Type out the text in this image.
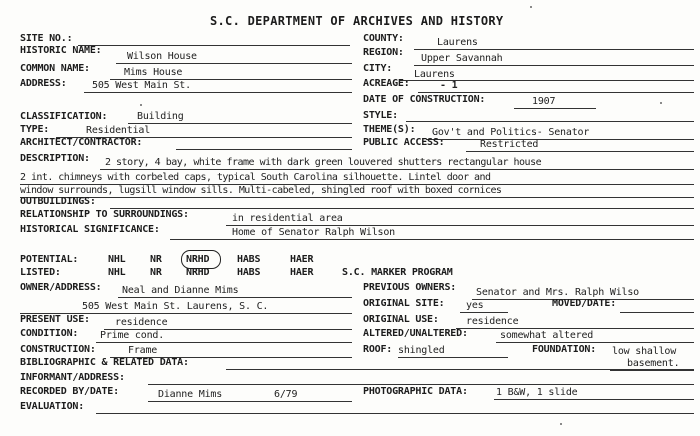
S.C. DEPARTMENT OF ARCHIVES AND HISTORY
SITE NO.:
HISTORIC NAME:
Wilson House
COMMON NAME:	Mims House
ADDRESS:	505 West Main St.
CLASSIFICATION:	Building
TYPE:	Residential
ARCHITECT/CONTRACTOR:
COUNTY:	Laurens
REGION:
Upper Savannah
CITY:
Laurens
ACREAGE:	- 1
DATE OF CONSTRUCTION:	1907
STYLE:
THEME(S): Gov't and Politics- Senator
PUBLIC ACCESS:	Restricted
DESCRIPTION: 2 story, 4 bay, white frame with dark green louvered shutters rectangular house
2 int. chimneys with corbeled caps, typical South Carolina silhouette. Lintel door and
window surrounds, lugsill window sills. Multi-cabeled, shingled roof with boxed cornices
OUTBUILDINGS:
RELATIONSHIP TO SURROUNDINGS:	in residential area
HISTORICAL SIGNIFICANCE:	Home of Senator Ralph Wilson
POTENTIAL:	NHL NR NRHD	HABS	HAER
LISTED:	NHL NR NRHD	HABS	HAER	S.C. MARKER PROGRAM
OWNER/ADDRESS: Neal and Dianne Mims
505 West Main St. Laurens, S. C.
PRESENT USE:	residence
CONDITION: Prime cond.
CONSTRUCTION:	Frame
BIBLIOGRAPHIC & RELATED DATA:
INFORMANT/ADDRESS:
RECORDED BY/DATE:	Dianne Mims	6/79
EVALUATION:
PREVIOUS OWNERS: Senator and Mrs. Ralph Wilso
ORIGINAL SITE: yes	MOVED/DATE:
ORIGINAL USE:	residence
ALTERED/UNALTERED:	somewhat altered
ROOF: shingled	FOUNDATION: low shallow
basement.
PHOTOGRAPHIC DATA:	1 B&W, 1 slide
